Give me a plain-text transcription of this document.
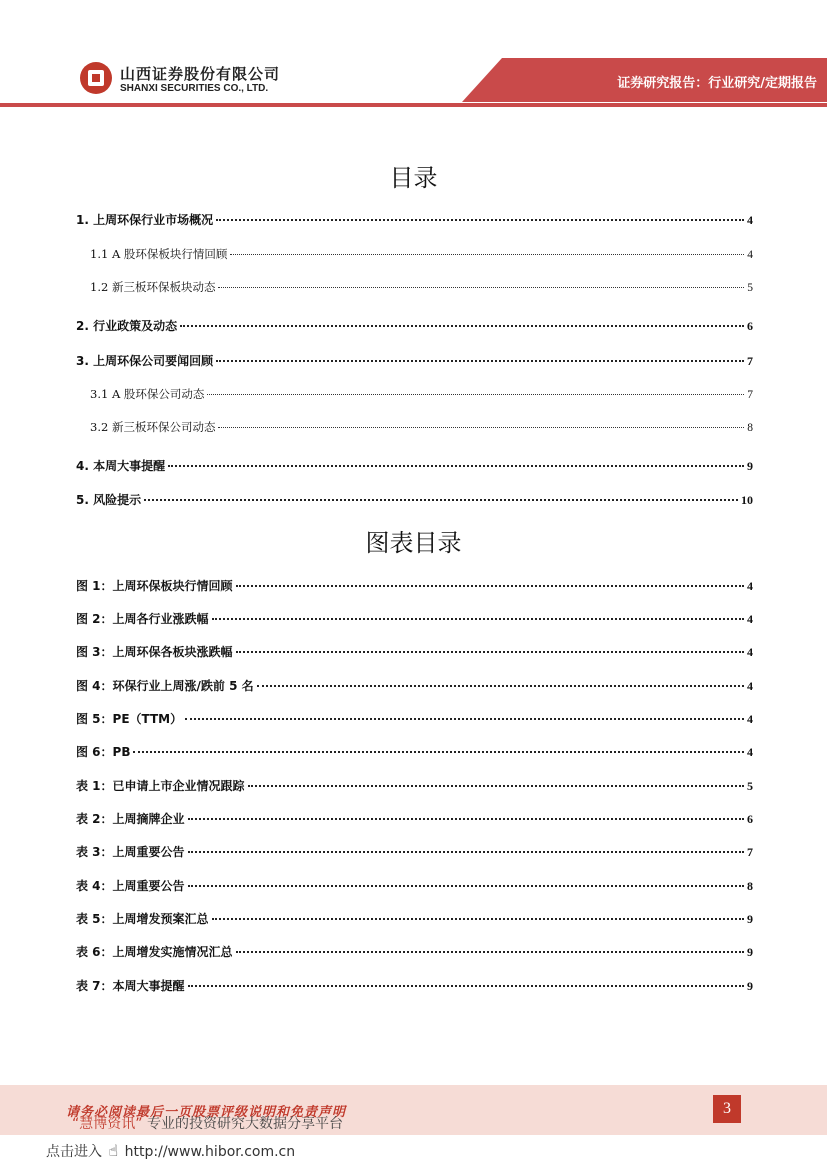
山西证券股份有限公司
SHANXI SECURITIES CO., LTD.	证券研究报告：行业研究/定期报告
目录
1. 上周环保行业市场概况	4
1.1 A 股环保板块行情回顾	4
1.2 新三板环保板块动态	5
2. 行业政策及动态	6
3. 上周环保公司要闻回顾	7
3.1 A 股环保公司动态	7
3.2 新三板环保公司动态	8
4. 本周大事提醒	9
5. 风险提示	10
图表目录
图 1：上周环保板块行情回顾	4
图 2：上周各行业涨跌幅	4
图 3：上周环保各板块涨跌幅	4
图 4：环保行业上周涨/跌前 5 名	4
图 5：PE（TTM）	4
图 6：PB	4
表 1：已申请上市企业情况跟踪	5
表 2：上周摘牌企业	6
表 3：上周重要公告	7
表 4：上周重要公告	8
表 5：上周增发预案汇总	9
表 6：上周增发实施情况汇总	9
表 7：本周大事提醒	9
请务必阅读最后一页股票评级说明和免责声明	3
“慧博资讯” 专业的投资研究大数据分享平台
点击进入 ☝ http://www.hibor.com.cn
